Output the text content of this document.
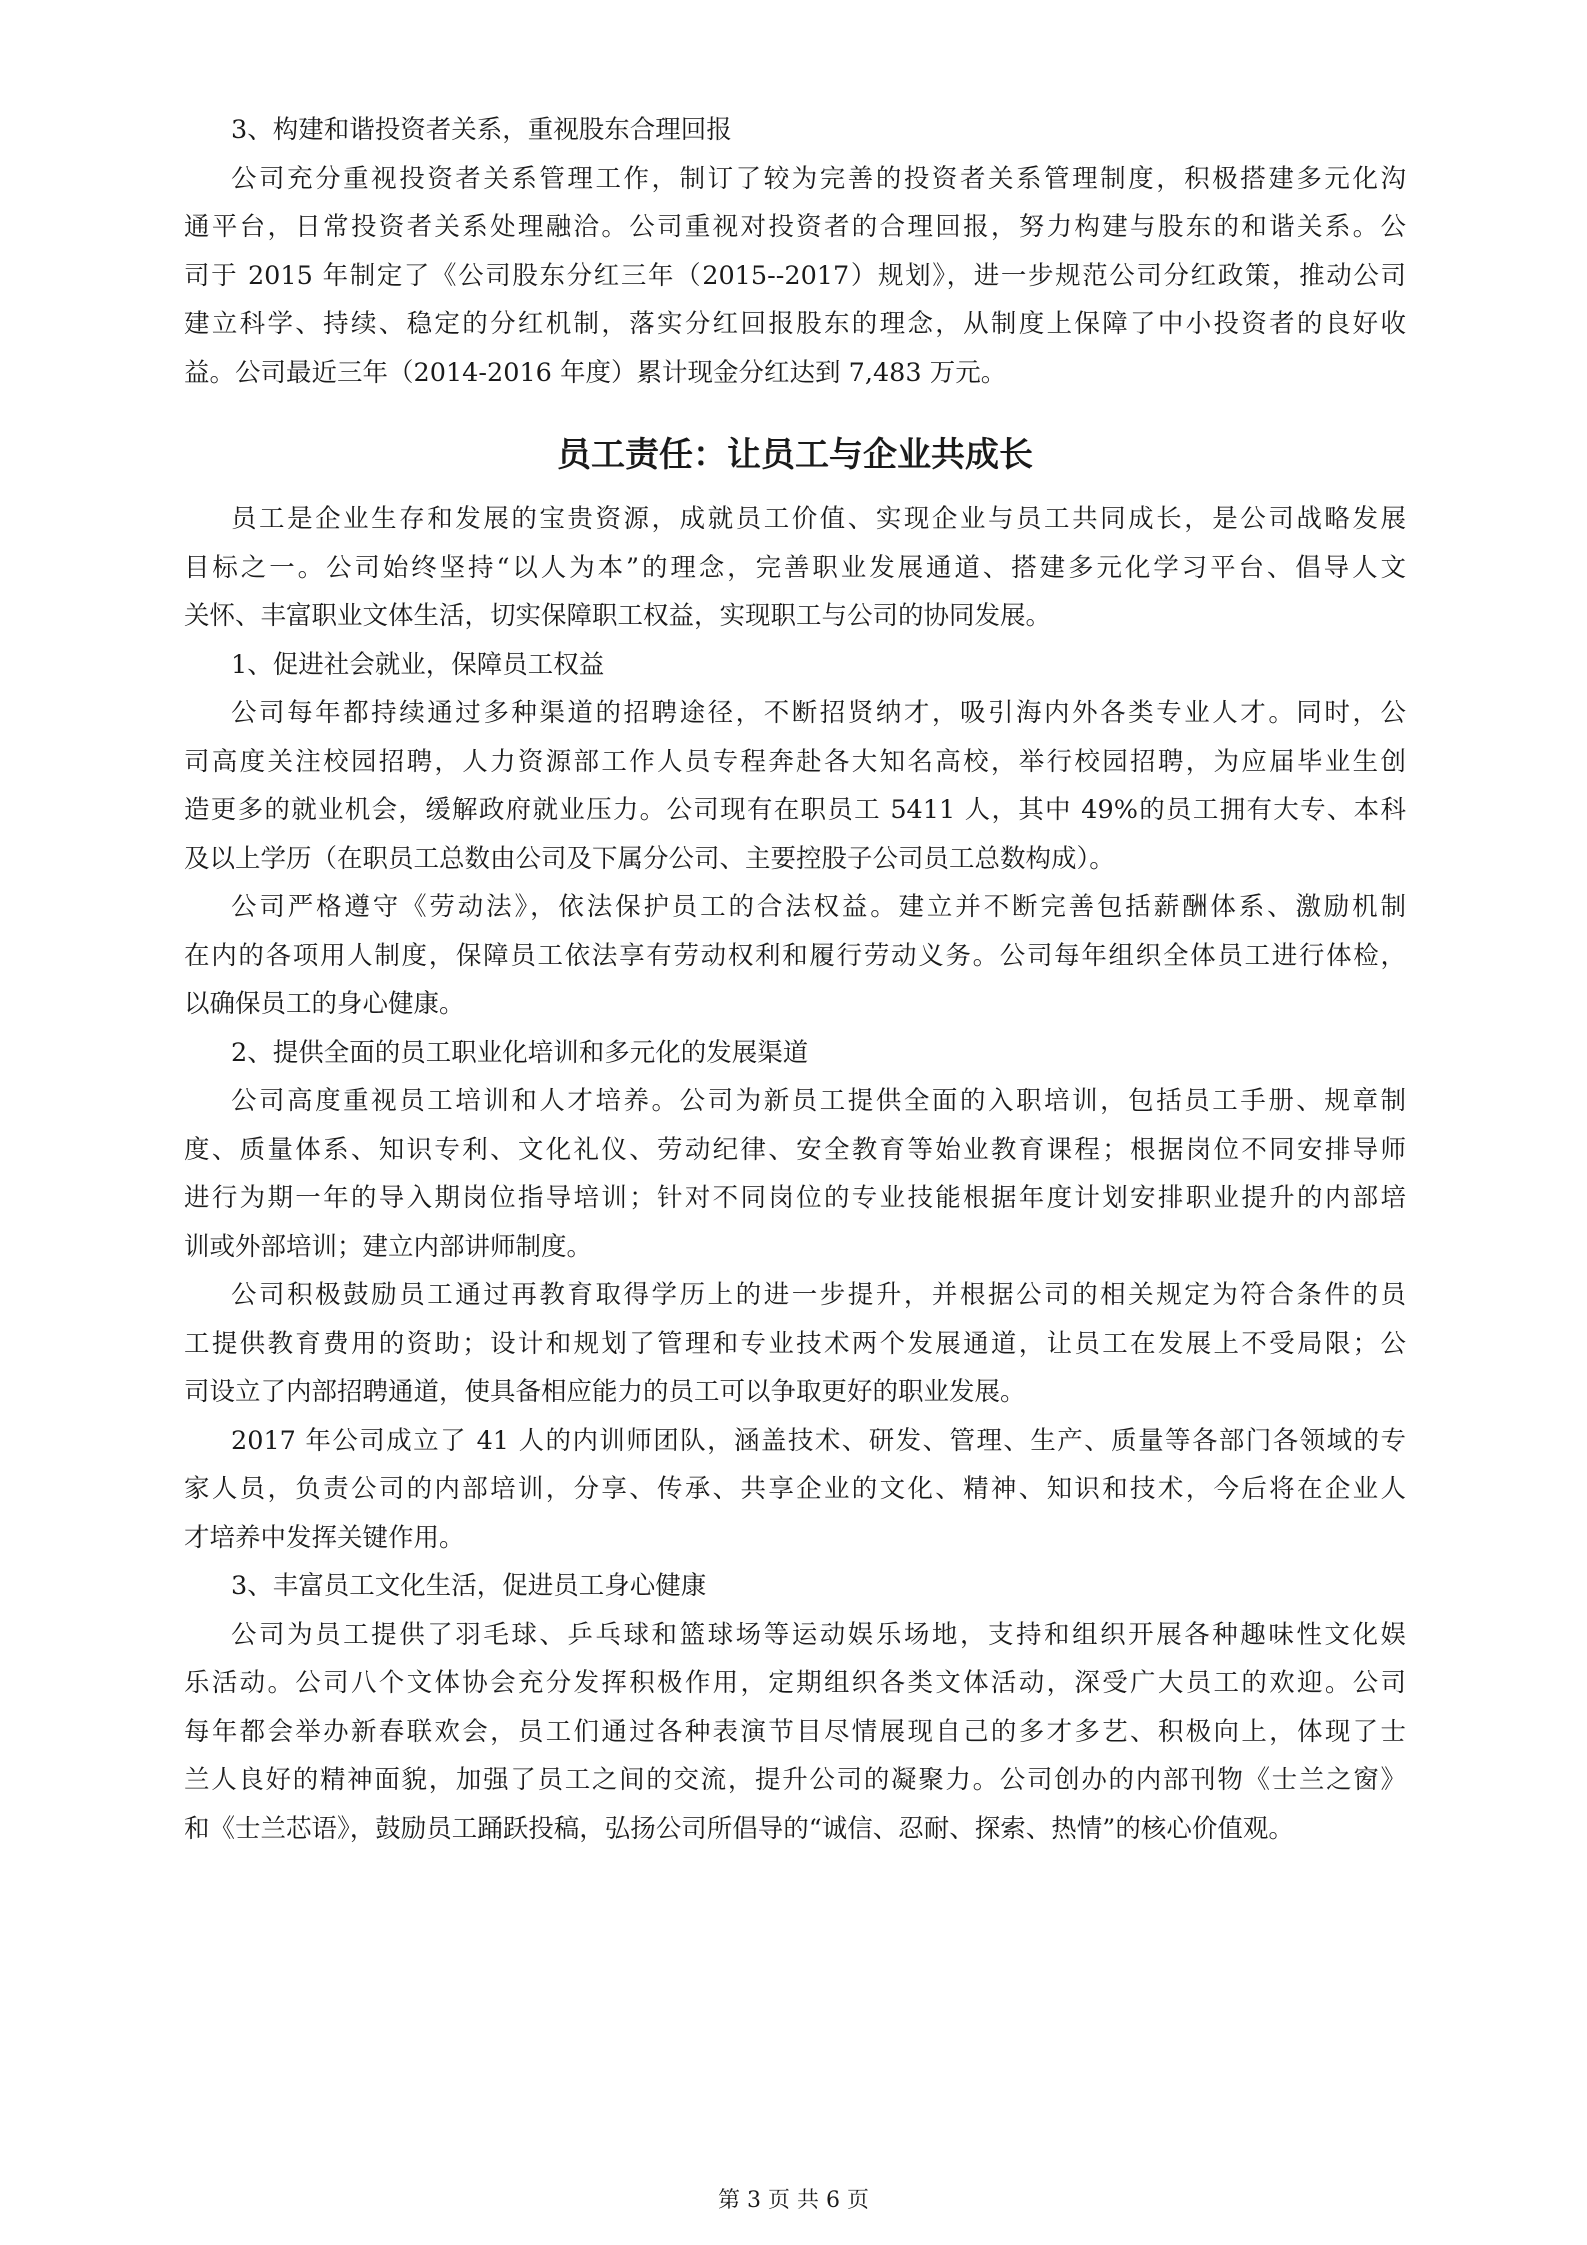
3、构建和谐投资者关系，重视股东合理回报
公司充分重视投资者关系管理工作，制订了较为完善的投资者关系管理制度，积极搭建多元化沟
通平台，日常投资者关系处理融洽。公司重视对投资者的合理回报，努力构建与股东的和谐关系。公
司于 2015 年制定了《公司股东分红三年（2015--2017）规划》，进一步规范公司分红政策，推动公司
建立科学、持续、稳定的分红机制，落实分红回报股东的理念，从制度上保障了中小投资者的良好收
益。公司最近三年（2014-2016 年度）累计现金分红达到 7,483 万元。
员工责任：让员工与企业共成长
员工是企业生存和发展的宝贵资源，成就员工价值、实现企业与员工共同成长，是公司战略发展
目标之一。公司始终坚持“以人为本”的理念，完善职业发展通道、搭建多元化学习平台、倡导人文
关怀、丰富职业文体生活，切实保障职工权益，实现职工与公司的协同发展。
1、促进社会就业，保障员工权益
公司每年都持续通过多种渠道的招聘途径，不断招贤纳才，吸引海内外各类专业人才。同时，公
司高度关注校园招聘，人力资源部工作人员专程奔赴各大知名高校，举行校园招聘，为应届毕业生创
造更多的就业机会，缓解政府就业压力。公司现有在职员工 5411 人，其中 49%的员工拥有大专、本科
及以上学历（在职员工总数由公司及下属分公司、主要控股子公司员工总数构成）。
公司严格遵守《劳动法》，依法保护员工的合法权益。建立并不断完善包括薪酬体系、激励机制
在内的各项用人制度，保障员工依法享有劳动权利和履行劳动义务。公司每年组织全体员工进行体检，
以确保员工的身心健康。
2、提供全面的员工职业化培训和多元化的发展渠道
公司高度重视员工培训和人才培养。公司为新员工提供全面的入职培训，包括员工手册、规章制
度、质量体系、知识专利、文化礼仪、劳动纪律、安全教育等始业教育课程；根据岗位不同安排导师
进行为期一年的导入期岗位指导培训；针对不同岗位的专业技能根据年度计划安排职业提升的内部培
训或外部培训；建立内部讲师制度。
公司积极鼓励员工通过再教育取得学历上的进一步提升，并根据公司的相关规定为符合条件的员
工提供教育费用的资助；设计和规划了管理和专业技术两个发展通道，让员工在发展上不受局限；公
司设立了内部招聘通道，使具备相应能力的员工可以争取更好的职业发展。
2017 年公司成立了 41 人的内训师团队，涵盖技术、研发、管理、生产、质量等各部门各领域的专
家人员，负责公司的内部培训，分享、传承、共享企业的文化、精神、知识和技术，今后将在企业人
才培养中发挥关键作用。
3、丰富员工文化生活，促进员工身心健康
公司为员工提供了羽毛球、乒乓球和篮球场等运动娱乐场地，支持和组织开展各种趣味性文化娱
乐活动。公司八个文体协会充分发挥积极作用，定期组织各类文体活动，深受广大员工的欢迎。公司
每年都会举办新春联欢会，员工们通过各种表演节目尽情展现自己的多才多艺、积极向上，体现了士
兰人良好的精神面貌，加强了员工之间的交流，提升公司的凝聚力。公司创办的内部刊物《士兰之窗》
和《士兰芯语》，鼓励员工踊跃投稿，弘扬公司所倡导的“诚信、忍耐、探索、热情”的核心价值观。
第 3 页 共 6 页
